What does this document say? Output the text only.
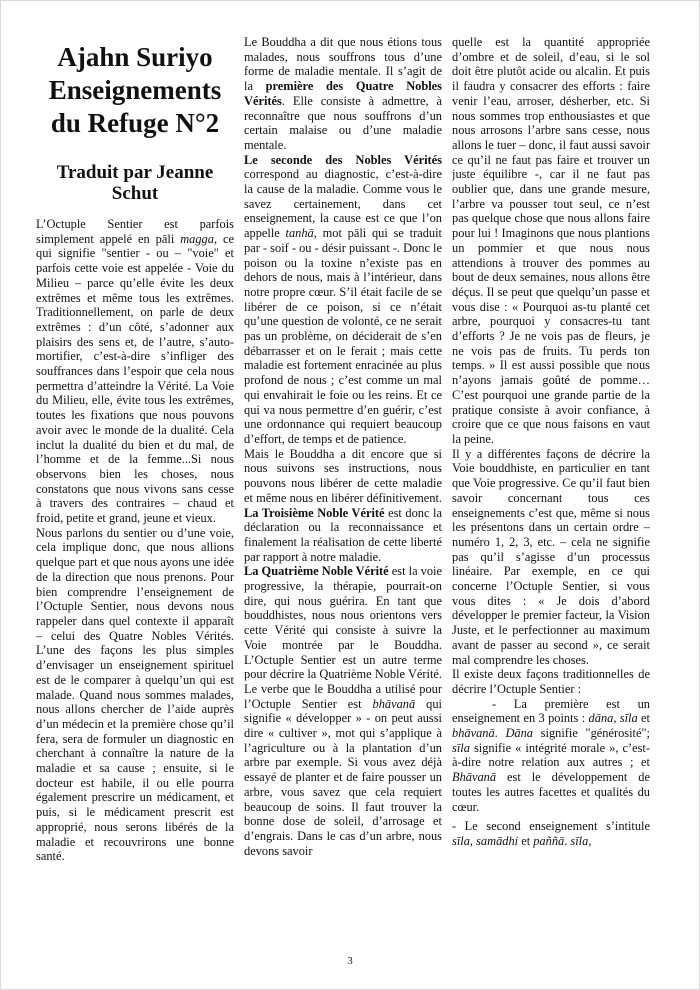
Ajahn Suriyo
Enseignements
du Refuge N°2
Traduit par Jeanne Schut

L’Octuple Sentier est parfois simplement appelé en pāli magga, ce qui signifie "sentier - ou – "voie" et parfois cette voie est appelée - Voie du Milieu – parce qu’elle évite les deux extrêmes et même tous les extrêmes. Traditionnellement, on parle de deux extrêmes : d’un côté, s’adonner aux plaisirs des sens et, de l’autre, s’auto-mortifier, c’est-à-dire s’infliger des souffrances dans l’espoir que cela nous permettra d’atteindre la Vérité. La Voie du Milieu, elle, évite tous les extrêmes, toutes les fixations que nous pouvons avoir avec le monde de la dualité. Cela inclut la dualité du bien et du mal, de l’homme et de la femme...Si nous observons bien les choses, nous constatons que nous vivons sans cesse à travers des contraires – chaud et froid, petite et grand, jeune et vieux.

Nous parlons du sentier ou d’une voie, cela implique donc, que nous allions quelque part et que nous ayons une idée de la direction que nous prenons. Pour bien comprendre l’enseignement de l’Octuple Sentier, nous devons nous rappeler dans quel contexte il apparaît – celui des Quatre Nobles Vérités. L’une des façons les plus simples d’envisager un enseignement spirituel est de le comparer à quelqu’un qui est malade. Quand nous sommes malades, nous allons chercher de l’aide auprès d’un médecin et la première chose qu’il fera, sera de formuler un diagnostic en cherchant à connaître la nature de la maladie et sa cause ; ensuite, si le docteur est habile, il ou elle pourra également prescrire un médicament, et puis, si le médicament prescrit est approprié, nous serons libérés de la maladie et recouvrirons une bonne santé.

Le Bouddha a dit que nous étions tous malades, nous souffrons tous d’une forme de maladie mentale. Il s’agit de la première des Quatre Nobles Vérités. Elle consiste à admettre, à reconnaître que nous souffrons d’un certain malaise ou d’une maladie mentale.

Le seconde des Nobles Vérités correspond au diagnostic, c’est-à-dire la cause de la maladie. Comme vous le savez certainement, dans cet enseignement, la cause est ce que l’on appelle tanhā, mot pāli qui se traduit par - soif - ou - désir puissant -. Donc le poison ou la toxine n’existe pas en dehors de nous, mais à l’intérieur, dans notre propre cœur. S’il était facile de se libérer de ce poison, si ce n’était qu’une question de volonté, ce ne serait pas un problème, on déciderait de s’en débarrasser et on le ferait ; mais cette maladie est fortement enracinée au plus profond de nous ; c’est comme un mal qui envahirait le foie ou les reins. Et ce qui va nous permettre d’en guérir, c’est une ordonnance qui requiert beaucoup d’effort, de temps et de patience.

Mais le Bouddha a dit encore que si nous suivons ses instructions, nous pouvons nous libérer de cette maladie et même nous en libérer définitivement. La Troisième Noble Vérité est donc la déclaration ou la reconnaissance et finalement la réalisation de cette liberté par rapport à notre maladie.

La Quatrième Noble Vérité est la voie progressive, la thérapie, pourrait-on dire, qui nous guérira. En tant que bouddhistes, nous nous orientons vers cette Vérité qui consiste à suivre la Voie montrée par le Bouddha. L’Octuple Sentier est un autre terme pour décrire la Quatrième Noble Vérité. Le verbe que le Bouddha a utilisé pour l’Octuple Sentier est bhāvanā qui signifie « développer » - on peut aussi dire « cultiver », mot qui s’applique à l’agriculture ou à la plantation d’un arbre par exemple. Si vous avez déjà essayé de planter et de faire pousser un arbre, vous savez que cela requiert beaucoup de soins. Il faut trouver la bonne dose de soleil, d’arrosage et d’engrais. Dans le cas d’un arbre, nous devons savoir

quelle est la quantité appropriée d’ombre et de soleil, d’eau, si le sol doit être plutôt acide ou alcalin. Et puis il faudra y consacrer des efforts : faire venir l’eau, arroser, désherber, etc. Si nous sommes trop enthousiastes et que nous arrosons l’arbre sans cesse, nous allons le tuer – donc, il faut aussi savoir ce qu’il ne faut pas faire et trouver un juste équilibre -, car il ne faut pas oublier que, dans une grande mesure, l’arbre va pousser tout seul, ce n’est pas quelque chose que nous allons faire pour lui ! Imaginons que nous plantions un pommier et que nous nous attendions à trouver des pommes au bout de deux semaines, nous allons être déçus. Il se peut que quelqu’un passe et vous dise : « Pourquoi as-tu planté cet arbre, pourquoi y consacres-tu tant d’efforts ? Je ne vois pas de fleurs, je ne vois pas de fruits. Tu perds ton temps. » Il est aussi possible que nous n’ayons jamais goûté de pomme… C’est pourquoi une grande partie de la pratique consiste à avoir confiance, à croire que ce que nous faisons en vaut la peine.

Il y a différentes façons de décrire la Voie bouddhiste, en particulier en tant que Voie progressive. Ce qu’il faut bien savoir concernant tous ces enseignements c’est que, même si nous les présentons dans un certain ordre – numéro 1, 2, 3, etc. – cela ne signifie pas qu’il s’agisse d’un processus linéaire. Par exemple, en ce qui concerne l’Octuple Sentier, si vous vous dites : « Je dois d’abord développer le premier facteur, la Vision Juste, et le perfectionner au maximum avant de passer au second », ce serait mal comprendre les choses.

Il existe deux façons traditionnelles de décrire l’Octuple Sentier :

- La première est un enseignement en 3 points : dāna, sīla et bhāvanā. Dāna signifie "générosité"; sīla signifie « intégrité morale », c’est-à-dire notre relation aux autres ; et Bhāvanā est le développement de toutes les autres facettes et qualités du cœur.

- Le second enseignement s’intitule sīla, samādhi et paññā. sīla,

3
